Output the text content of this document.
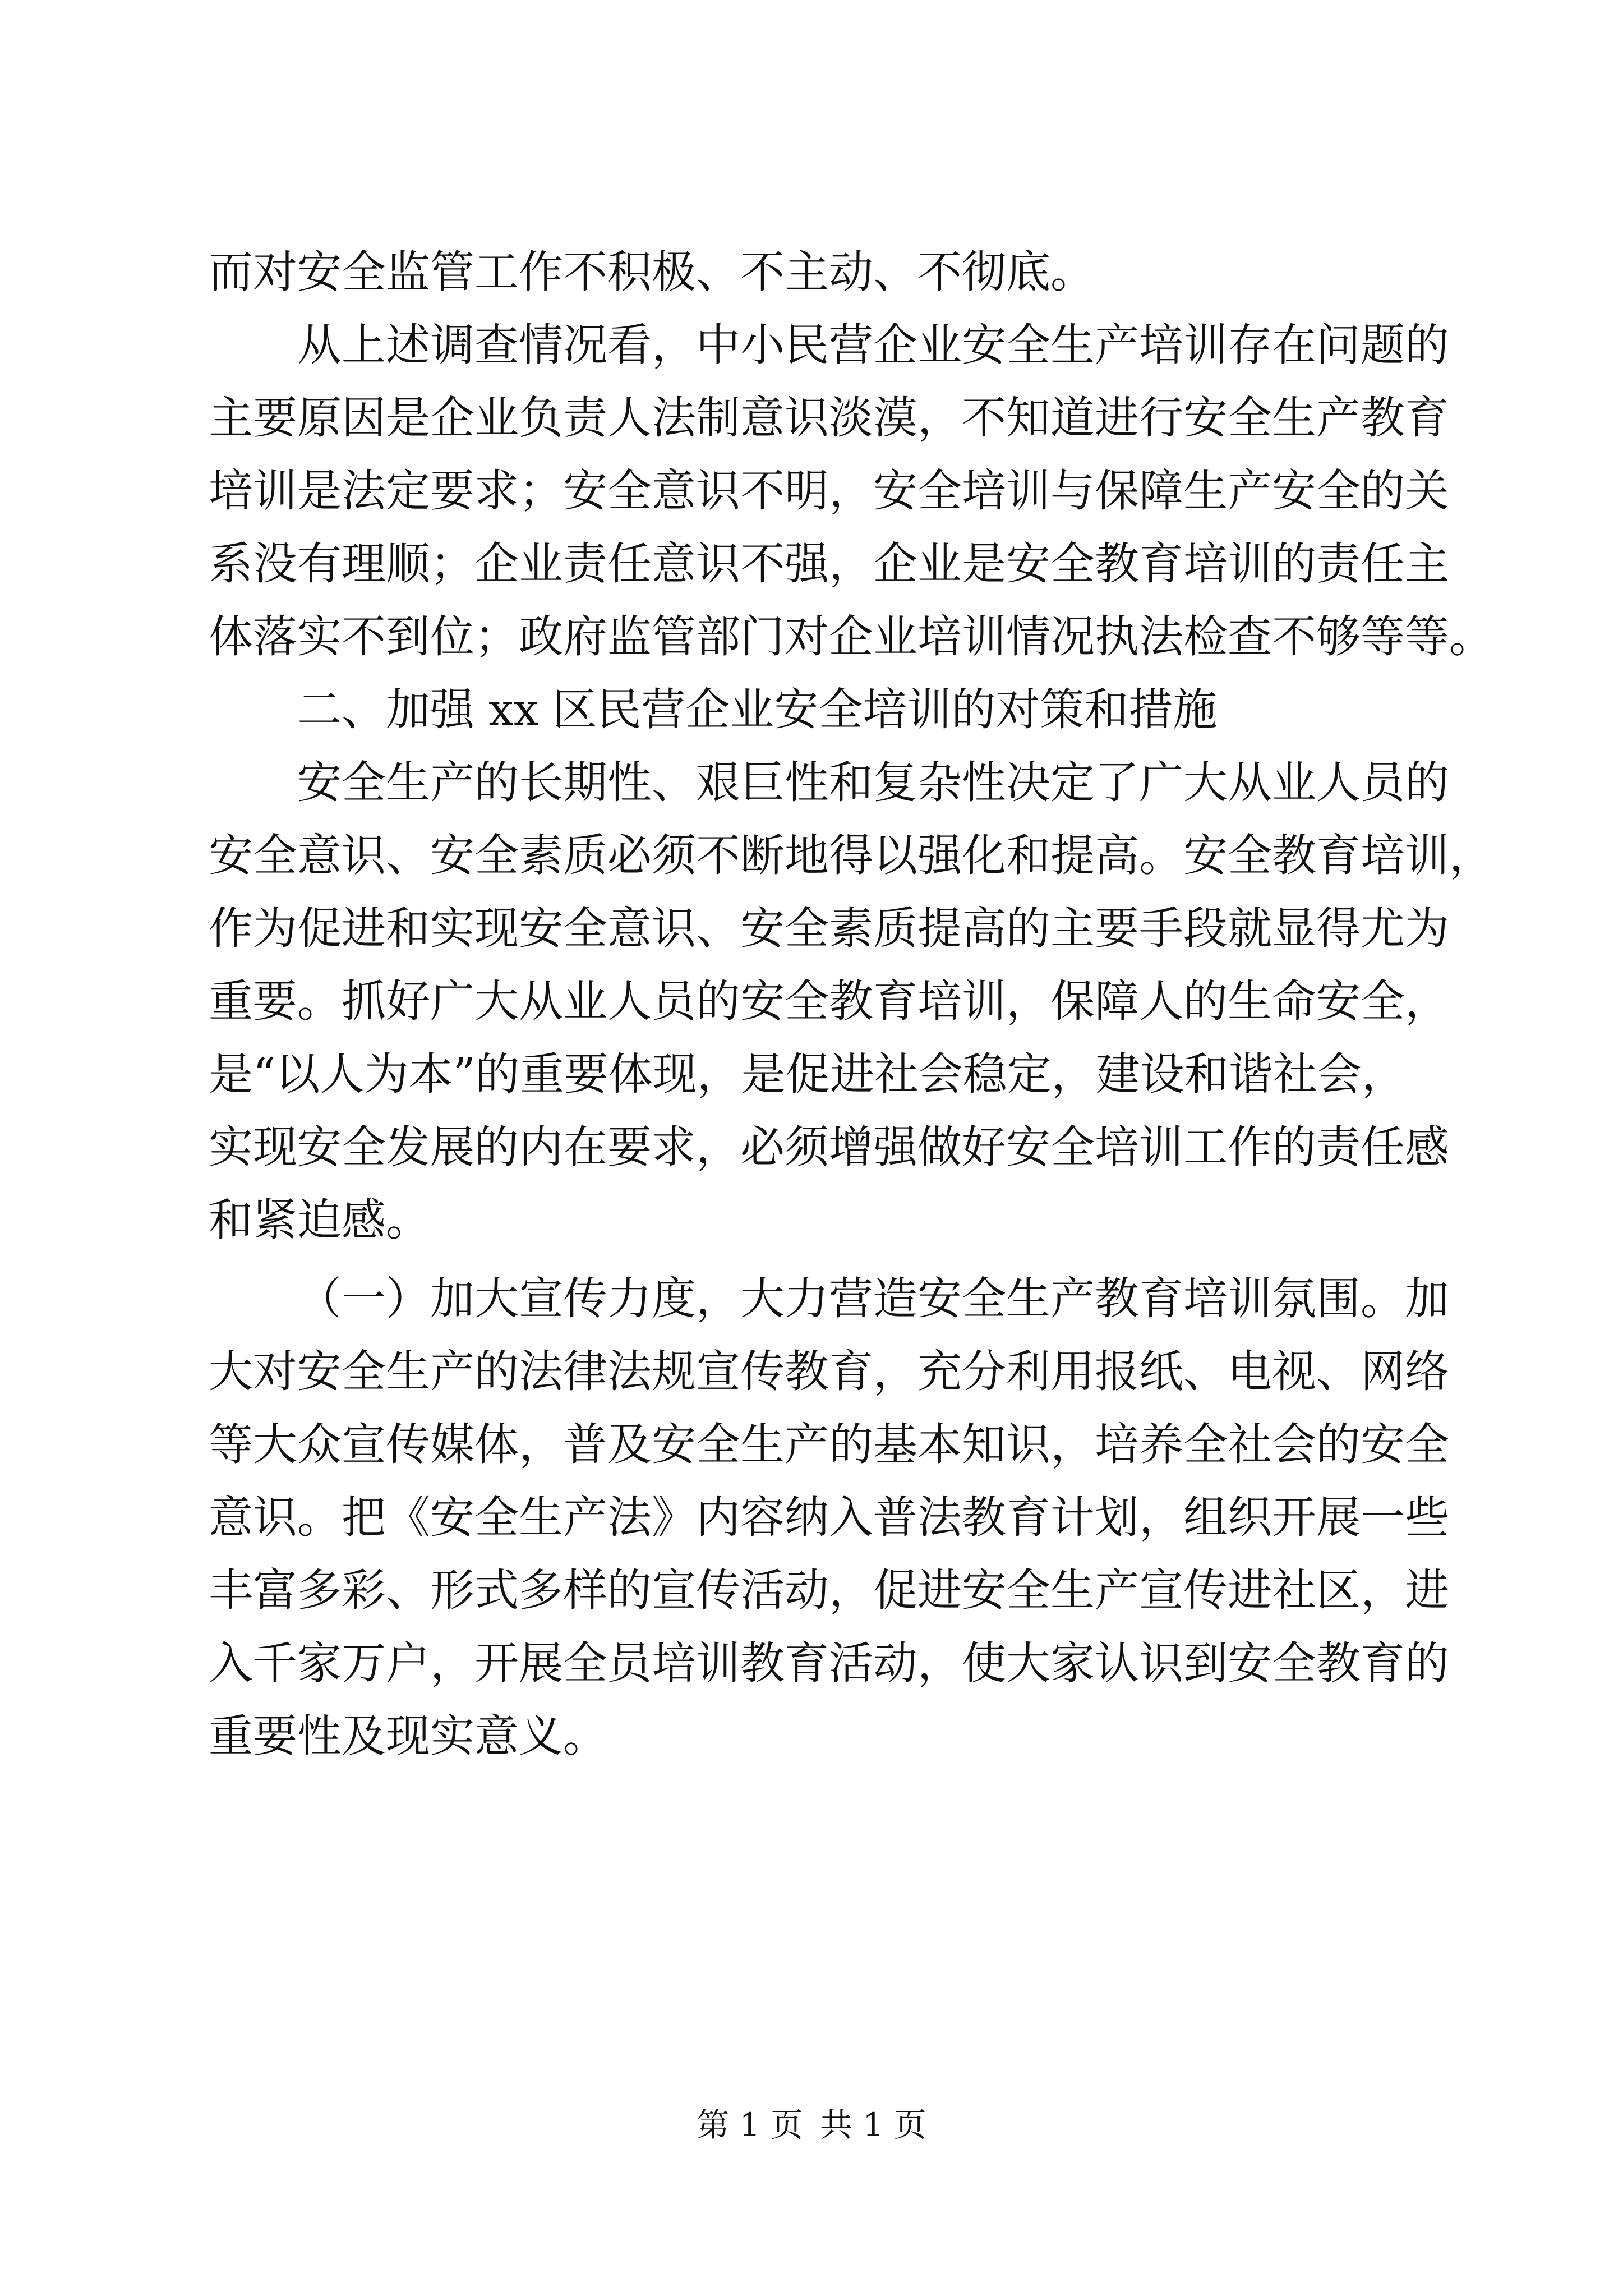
而对安全监管工作不积极、不主动、不彻底。
从上述调查情况看，中小民营企业安全生产培训存在问题的
主要原因是企业负责人法制意识淡漠，不知道进行安全生产教育
培训是法定要求；安全意识不明，安全培训与保障生产安全的关
系没有理顺；企业责任意识不强，企业是安全教育培训的责任主
体落实不到位；政府监管部门对企业培训情况执法检查不够等等。
二、加强 xx 区民营企业安全培训的对策和措施
安全生产的长期性、艰巨性和复杂性决定了广大从业人员的
安全意识、安全素质必须不断地得以强化和提高。安全教育培训，
作为促进和实现安全意识、安全素质提高的主要手段就显得尤为
重要。抓好广大从业人员的安全教育培训，保障人的生命安全，
是“以人为本”的重要体现，是促进社会稳定，建设和谐社会，
实现安全发展的内在要求，必须增强做好安全培训工作的责任感
和紧迫感。
（一）加大宣传力度，大力营造安全生产教育培训氛围。加
大对安全生产的法律法规宣传教育，充分利用报纸、电视、网络
等大众宣传媒体，普及安全生产的基本知识，培养全社会的安全
意识。把《安全生产法》内容纳入普法教育计划，组织开展一些
丰富多彩、形式多样的宣传活动，促进安全生产宣传进社区，进
入千家万户，开展全员培训教育活动，使大家认识到安全教育的
重要性及现实意义。
第 1 页 共 1 页
